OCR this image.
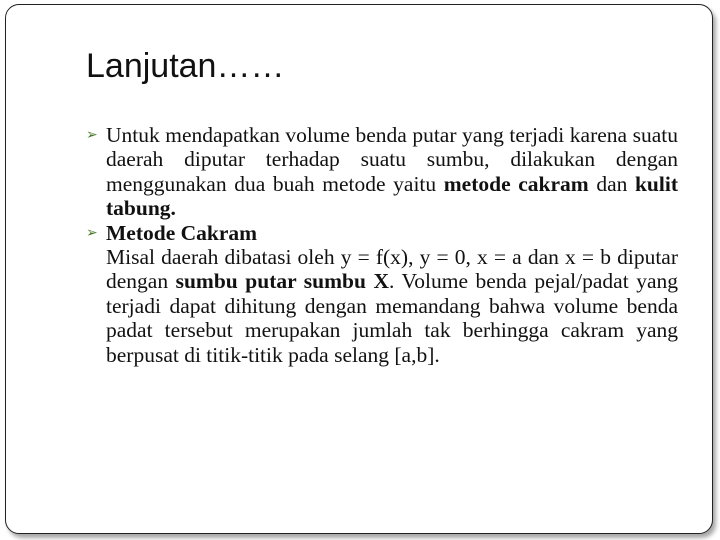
Lanjutan……
➢ Untuk mendapatkan volume benda putar yang terjadi karena suatu daerah diputar terhadap suatu sumbu, dilakukan dengan menggunakan dua buah metode yaitu metode cakram dan kulit tabung.
➢ Metode Cakram
Misal daerah dibatasi oleh y = f(x), y = 0, x = a dan x = b diputar dengan sumbu putar sumbu X. Volume benda pejal/padat yang terjadi dapat dihitung dengan memandang bahwa volume benda padat tersebut merupakan jumlah tak berhingga cakram yang berpusat di titik-titik pada selang [a,b].
